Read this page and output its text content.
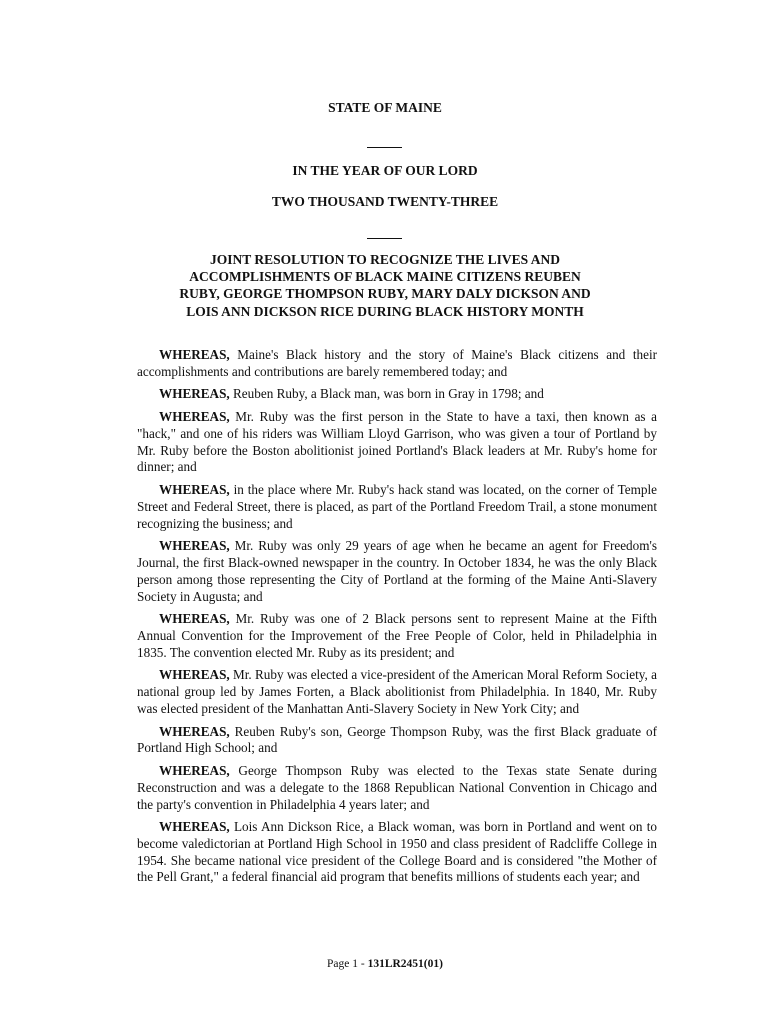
STATE OF MAINE

IN THE YEAR OF OUR LORD

TWO THOUSAND TWENTY-THREE

JOINT RESOLUTION TO RECOGNIZE THE LIVES AND ACCOMPLISHMENTS OF BLACK MAINE CITIZENS REUBEN RUBY, GEORGE THOMPSON RUBY, MARY DALY DICKSON AND LOIS ANN DICKSON RICE DURING BLACK HISTORY MONTH

WHEREAS, Maine's Black history and the story of Maine's Black citizens and their accomplishments and contributions are barely remembered today; and

WHEREAS, Reuben Ruby, a Black man, was born in Gray in 1798; and

WHEREAS, Mr. Ruby was the first person in the State to have a taxi, then known as a "hack," and one of his riders was William Lloyd Garrison, who was given a tour of Portland by Mr. Ruby before the Boston abolitionist joined Portland's Black leaders at Mr. Ruby's home for dinner; and

WHEREAS, in the place where Mr. Ruby's hack stand was located, on the corner of Temple Street and Federal Street, there is placed, as part of the Portland Freedom Trail, a stone monument recognizing the business; and

WHEREAS, Mr. Ruby was only 29 years of age when he became an agent for Freedom's Journal, the first Black-owned newspaper in the country. In October 1834, he was the only Black person among those representing the City of Portland at the forming of the Maine Anti-Slavery Society in Augusta; and

WHEREAS, Mr. Ruby was one of 2 Black persons sent to represent Maine at the Fifth Annual Convention for the Improvement of the Free People of Color, held in Philadelphia in 1835. The convention elected Mr. Ruby as its president; and

WHEREAS, Mr. Ruby was elected a vice-president of the American Moral Reform Society, a national group led by James Forten, a Black abolitionist from Philadelphia. In 1840, Mr. Ruby was elected president of the Manhattan Anti-Slavery Society in New York City; and

WHEREAS, Reuben Ruby's son, George Thompson Ruby, was the first Black graduate of Portland High School; and

WHEREAS, George Thompson Ruby was elected to the Texas state Senate during Reconstruction and was a delegate to the 1868 Republican National Convention in Chicago and the party's convention in Philadelphia 4 years later; and

WHEREAS, Lois Ann Dickson Rice, a Black woman, was born in Portland and went on to become valedictorian at Portland High School in 1950 and class president of Radcliffe College in 1954. She became national vice president of the College Board and is considered "the Mother of the Pell Grant," a federal financial aid program that benefits millions of students each year; and

Page 1 - 131LR2451(01)
